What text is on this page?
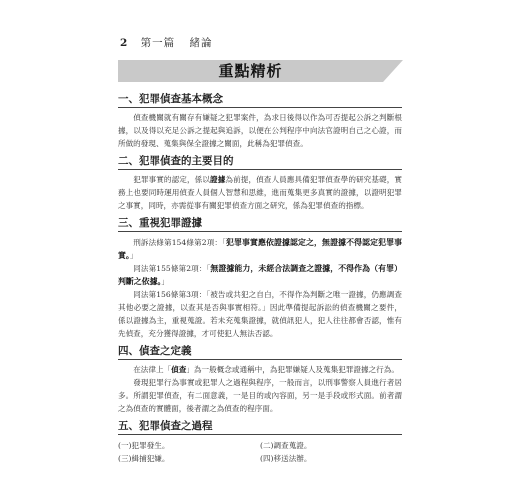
2 第一篇 緒論
重點精析
一、犯罪偵查基本概念

偵查機關就有關存有嫌疑之犯罪案件，為求日後得以作為可否提起公訴之判斷根據，以及得以充足公訴之提起與追訴，以便在公判程序中向法官證明自己之心證，而所做的發現、蒐集與保全證據之關面，此稱為犯罪偵查。

二、犯罪偵查的主要目的

犯罪事實的認定，係以證據為前提，偵查人員應具備犯罪偵查學的研究基礎，實務上也要同時運用偵查人員個人智慧和思維，進而蒐集更多真實的證據，以證明犯罪之事實，同時，亦需從事有關犯罪偵查方面之研究，係為犯罪偵查的指標。

三、重視犯罪證據

刑訴法條第154條第2項：「犯罪事實應依證據認定之，無證據不得認定犯罪事實。」

同法第155條第2項：「無證據能力，未經合法調查之證據，不得作為（有罪）判斷之依據。」

同法第156條第3項：「被告或共犯之自白，不得作為判斷之唯一證據，仍應調查其他必要之證據，以查其是否與事實相符。」因此準備提起訴訟的偵查機關之要件，係以證據為主，重視蒐證。若未充蒐集證據，就偵訊犯人，犯人往往都會否認，惟有先偵查，充分獲得證據，才可使犯人無法否認。

四、偵查之定義

在法律上「偵查」為一般概念或通稱中，為犯罪嫌疑人及蒐集犯罪證據之行為。

發現犯罪行為事實或犯罪人之過程與程序，一般而言，以刑事警察人員進行者居多。所謂犯罪偵查，有二面意義，一是目的或內容面，另一是手段或形式面。前者謂之為偵查的實體面，後者謂之為偵查的程序面。

五、犯罪偵查之過程
(一)犯罪發生。	(二)調查蒐證。
(三)緝捕犯嫌。	(四)移送法辦。
